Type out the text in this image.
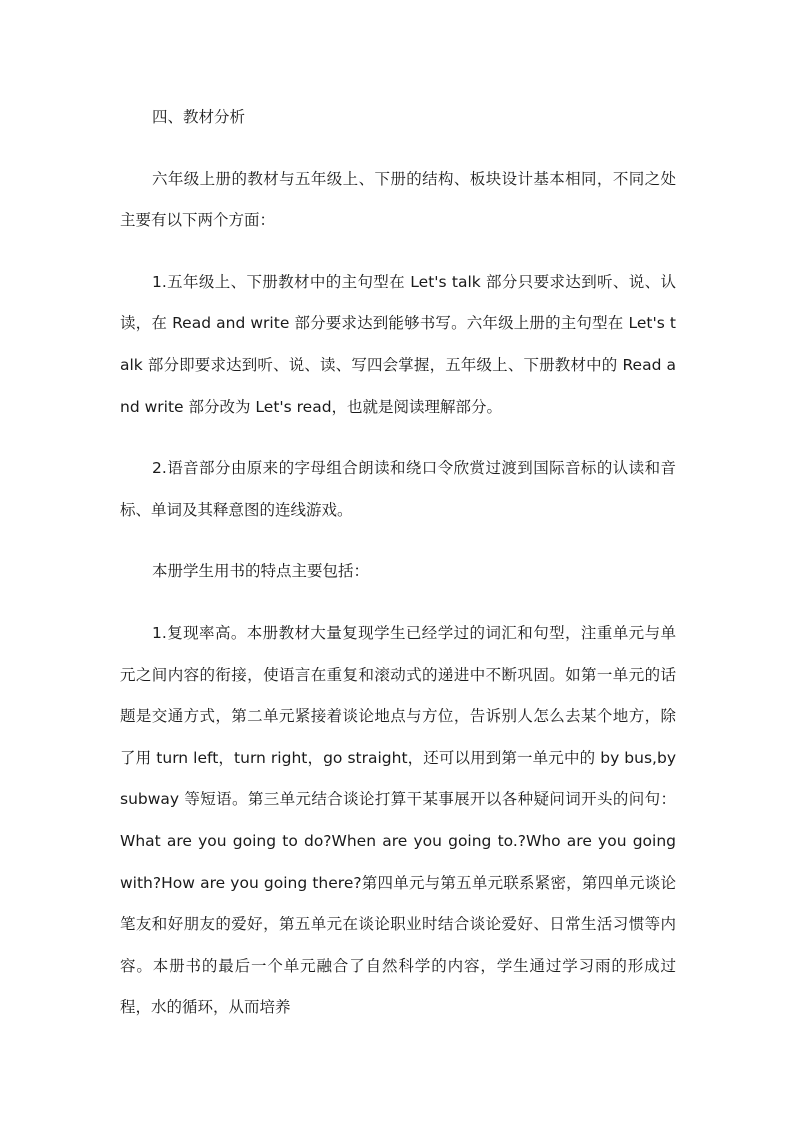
四、教材分析

六年级上册的教材与五年级上、下册的结构、板块设计基本相同，不同之处主要有以下两个方面：

1.五年级上、下册教材中的主句型在 Let's talk 部分只要求达到听、说、认读，在 Read and write 部分要求达到能够书写。六年级上册的主句型在 Let's talk 部分即要求达到听、说、读、写四会掌握，五年级上、下册教材中的 Read and write 部分改为 Let's read，也就是阅读理解部分。

2.语音部分由原来的字母组合朗读和绕口令欣赏过渡到国际音标的认读和音标、单词及其释意图的连线游戏。

本册学生用书的特点主要包括：

1.复现率高。本册教材大量复现学生已经学过的词汇和句型，注重单元与单元之间内容的衔接，使语言在重复和滚动式的递进中不断巩固。如第一单元的话题是交通方式，第二单元紧接着谈论地点与方位，告诉别人怎么去某个地方，除了用 turn left，turn right，go straight，还可以用到第一单元中的 by bus,by subway 等短语。第三单元结合谈论打算干某事展开以各种疑问词开头的问句：What are you going to do?When are you going to.?Who are you going with?How are you going there?第四单元与第五单元联系紧密，第四单元谈论笔友和好朋友的爱好，第五单元在谈论职业时结合谈论爱好、日常生活习惯等内容。本册书的最后一个单元融合了自然科学的内容，学生通过学习雨的形成过程，水的循环，从而培养
